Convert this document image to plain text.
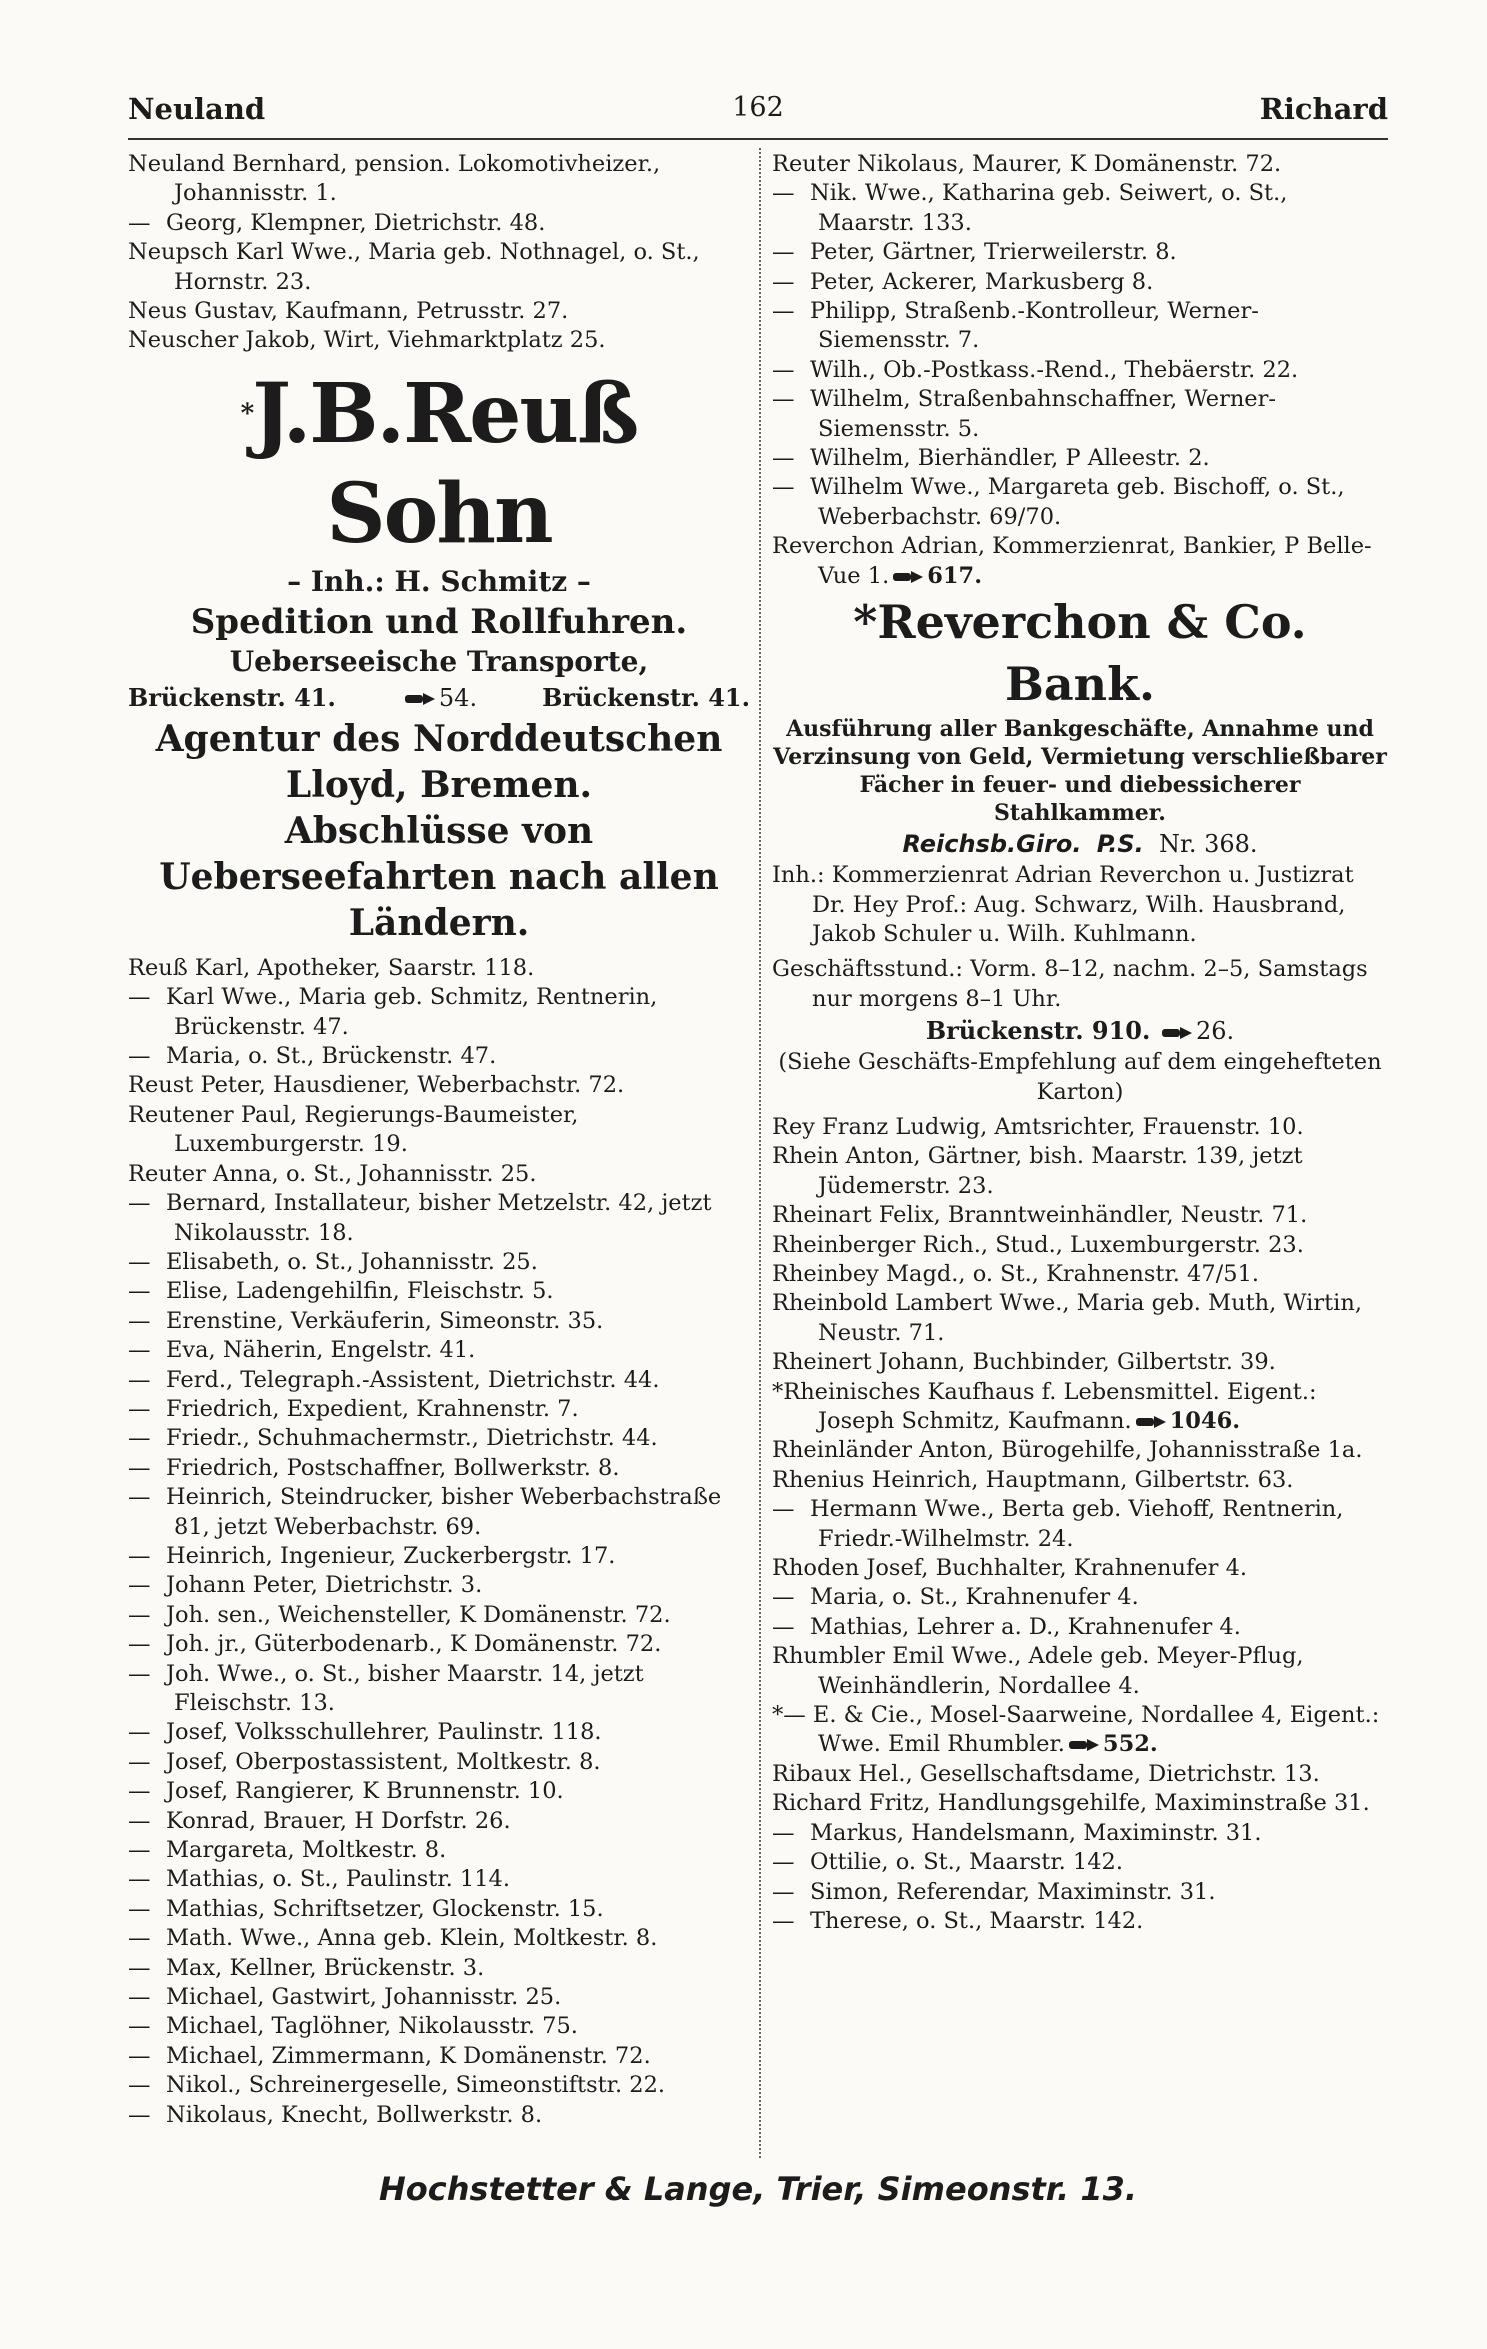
Neuland	162	Richard

Neuland Bernhard, pension. Lokomotivheizer., Johannisstr. 1.

— Georg, Klempner, Dietrichstr. 48.

Neupsch Karl Wwe., Maria geb. Nothnagel, o. St., Hornstr. 23.

Neus Gustav, Kaufmann, Petrusstr. 27.

Neuscher Jakob, Wirt, Viehmarktplatz 25.

*J.B.Reuß Sohn
– Inh.: H. Schmitz –
Spedition und Rollfuhren.
Ueberseeische Transporte,
Brückenstr. 41.	54.	Brückenstr. 41.
Agentur des Norddeutschen Lloyd, Bremen.
Abschlüsse von Ueberseefahrten nach allen Ländern.

Reuß Karl, Apotheker, Saarstr. 118.

— Karl Wwe., Maria geb. Schmitz, Rentnerin, Brückenstr. 47.

— Maria, o. St., Brückenstr. 47.

Reust Peter, Hausdiener, Weberbachstr. 72.

Reutener Paul, Regierungs-Baumeister, Luxemburgerstr. 19.

Reuter Anna, o. St., Johannisstr. 25.

— Bernard, Installateur, bisher Metzelstr. 42, jetzt Nikolausstr. 18.

— Elisabeth, o. St., Johannisstr. 25.

— Elise, Ladengehilfin, Fleischstr. 5.

— Erenstine, Verkäuferin, Simeonstr. 35.

— Eva, Näherin, Engelstr. 41.

— Ferd., Telegraph.-Assistent, Dietrichstr. 44.

— Friedrich, Expedient, Krahnenstr. 7.

— Friedr., Schuhmachermstr., Dietrichstr. 44.

— Friedrich, Postschaffner, Bollwerkstr. 8.

— Heinrich, Steindrucker, bisher Weberbachstraße 81, jetzt Weberbachstr. 69.

— Heinrich, Ingenieur, Zuckerbergstr. 17.

— Johann Peter, Dietrichstr. 3.

— Joh. sen., Weichensteller, K Domänenstr. 72.

— Joh. jr., Güterbodenarb., K Domänenstr. 72.

— Joh. Wwe., o. St., bisher Maarstr. 14, jetzt Fleischstr. 13.

— Josef, Volksschullehrer, Paulinstr. 118.

— Josef, Oberpostassistent, Moltkestr. 8.

— Josef, Rangierer, K Brunnenstr. 10.

— Konrad, Brauer, H Dorfstr. 26.

— Margareta, Moltkestr. 8.

— Mathias, o. St., Paulinstr. 114.

— Mathias, Schriftsetzer, Glockenstr. 15.

— Math. Wwe., Anna geb. Klein, Moltkestr. 8.

— Max, Kellner, Brückenstr. 3.

— Michael, Gastwirt, Johannisstr. 25.

— Michael, Taglöhner, Nikolausstr. 75.

— Michael, Zimmermann, K Domänenstr. 72.

— Nikol., Schreinergeselle, Simeonstiftstr. 22.

— Nikolaus, Knecht, Bollwerkstr. 8.

Reuter Nikolaus, Maurer, K Domänenstr. 72.

— Nik. Wwe., Katharina geb. Seiwert, o. St., Maarstr. 133.

— Peter, Gärtner, Trierweilerstr. 8.

— Peter, Ackerer, Markusberg 8.

— Philipp, Straßenb.-Kontrolleur, Werner-Siemensstr. 7.

— Wilh., Ob.-Postkass.-Rend., Thebäerstr. 22.

— Wilhelm, Straßenbahnschaffner, Werner-Siemensstr. 5.

— Wilhelm, Bierhändler, P Alleestr. 2.

— Wilhelm Wwe., Margareta geb. Bischoff, o. St., Weberbachstr. 69/70.

Reverchon Adrian, Kommerzienrat, Bankier, P Belle-Vue 1. 617.

*Reverchon & Co. Bank.
Ausführung aller Bankgeschäfte, Annahme und Verzinsung von Geld, Vermietung verschließbarer Fächer in feuer- und diebessicherer Stahlkammer.
Reichsb.Giro. P.S. Nr. 368.

Inh.: Kommerzienrat Adrian Reverchon u. Justizrat Dr. Hey Prof.: Aug. Schwarz, Wilh. Hausbrand, Jakob Schuler u. Wilh. Kuhlmann.

Geschäftsstund.: Vorm. 8–12, nachm. 2–5, Samstags nur morgens 8–1 Uhr.

Brückenstr. 910. 26.

(Siehe Geschäfts-Empfehlung auf dem eingehefteten Karton)

Rey Franz Ludwig, Amtsrichter, Frauenstr. 10.

Rhein Anton, Gärtner, bish. Maarstr. 139, jetzt Jüdemerstr. 23.

Rheinart Felix, Branntweinhändler, Neustr. 71.

Rheinberger Rich., Stud., Luxemburgerstr. 23.

Rheinbey Magd., o. St., Krahnenstr. 47/51.

Rheinbold Lambert Wwe., Maria geb. Muth, Wirtin, Neustr. 71.

Rheinert Johann, Buchbinder, Gilbertstr. 39.

*Rheinisches Kaufhaus f. Lebensmittel. Eigent.: Joseph Schmitz, Kaufmann. 1046.

Rheinländer Anton, Bürogehilfe, Johannisstraße 1a.

Rhenius Heinrich, Hauptmann, Gilbertstr. 63.

— Hermann Wwe., Berta geb. Viehoff, Rentnerin, Friedr.-Wilhelmstr. 24.

Rhoden Josef, Buchhalter, Krahnenufer 4.

— Maria, o. St., Krahnenufer 4.

— Mathias, Lehrer a. D., Krahnenufer 4.

Rhumbler Emil Wwe., Adele geb. Meyer-Pflug, Weinhändlerin, Nordallee 4.

*— E. & Cie., Mosel-Saarweine, Nordallee 4, Eigent.: Wwe. Emil Rhumbler. 552.

Ribaux Hel., Gesellschaftsdame, Dietrichstr. 13.

Richard Fritz, Handlungsgehilfe, Maximinstraße 31.

— Markus, Handelsmann, Maximinstr. 31.

— Ottilie, o. St., Maarstr. 142.

— Simon, Referendar, Maximinstr. 31.

— Therese, o. St., Maarstr. 142.

Hochstetter & Lange, Trier, Simeonstr. 13.
